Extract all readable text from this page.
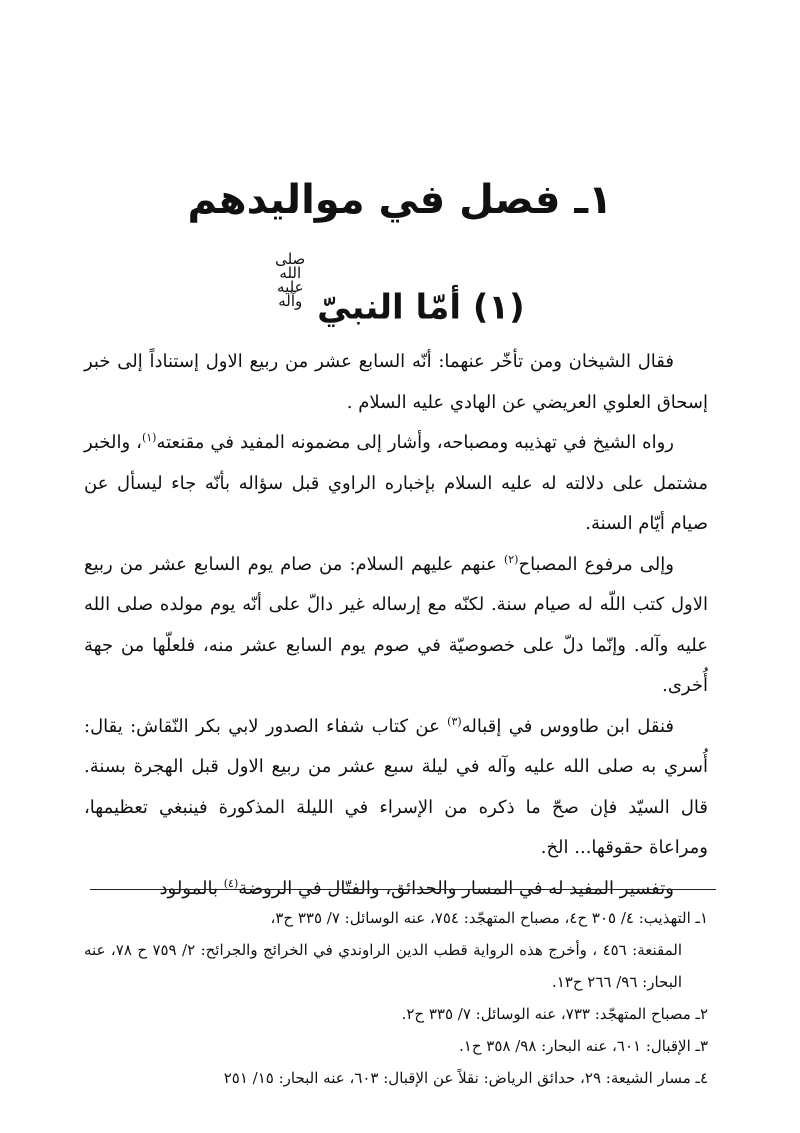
١ـ فصل في مواليدهم
(١) أمّا النبيّ صلى الله عليه وآله

فقال الشيخان ومن تأخّر عنهما: أنّه السابع عشر من ربيع الاول إستناداً إلى خبر إسحاق العلوي العريضي عن الهادي عليه السلام .

رواه الشيخ في تهذيبه ومصباحه، وأشار إلى مضمونه المفيد في مقنعته$^{(١)}$، والخبر مشتمل على دلالته له عليه السلام بإخباره الراوي قبل سؤاله بأنّه جاء ليسأل عن صيام أيّام السنة.

وإلى مرفوع المصباح$^{(٢)}$ عنهم عليهم السلام: من صام يوم السابع عشر من ربيع الاول كتب اللّه له صيام سنة. لكنّه مع إرساله غير دالّ على أنّه يوم مولده صلى الله عليه وآله. وإنّما دلّ على خصوصيّة في صوم يوم السابع عشر منه، فلعلّها من جهة أُخرى.

فنقل ابن طاووس في إقباله$^{(٣)}$ عن كتاب شفاء الصدور لابي بكر النّقاش: يقال: أُسري به صلى الله عليه وآله في ليلة سبع عشر من ربيع الاول قبل الهجرة بسنة. قال السيّد فإن صحّ ما ذكره من الإسراء في الليلة المذكورة فينبغي تعظيمها، ومراعاة حقوقها... الخ.

وتفسير المفيد له في المسار والحدائق، والفتّال في الروضة$^{(٤)}$ بالمولود

١ـ التهذيب: ٤/ ٣٠٥ ح٤، مصباح المتهجّد: ٧٥٤، عنه الوسائل: ٧/ ٣٣٥ ح٣،

المقنعة: ٤٥٦ ، وأخرج هذه الرواية قطب الدين الراوندي في الخرائج والجرائح: ٢/ ٧٥٩ ح ٧٨، عنه البحار: ٩٦/ ٢٦٦ ح١٣.

٢ـ مصباح المتهجّد: ٧٣٣، عنه الوسائل: ٧/ ٣٣٥ ح٢.

٣ـ الإقبال: ٦٠١، عنه البحار: ٩٨/ ٣٥٨ ح١.

٤ـ مسار الشيعة: ٢٩، حدائق الرياض: نقلاً عن الإقبال: ٦٠٣، عنه البحار: ١٥/ ٢٥١
